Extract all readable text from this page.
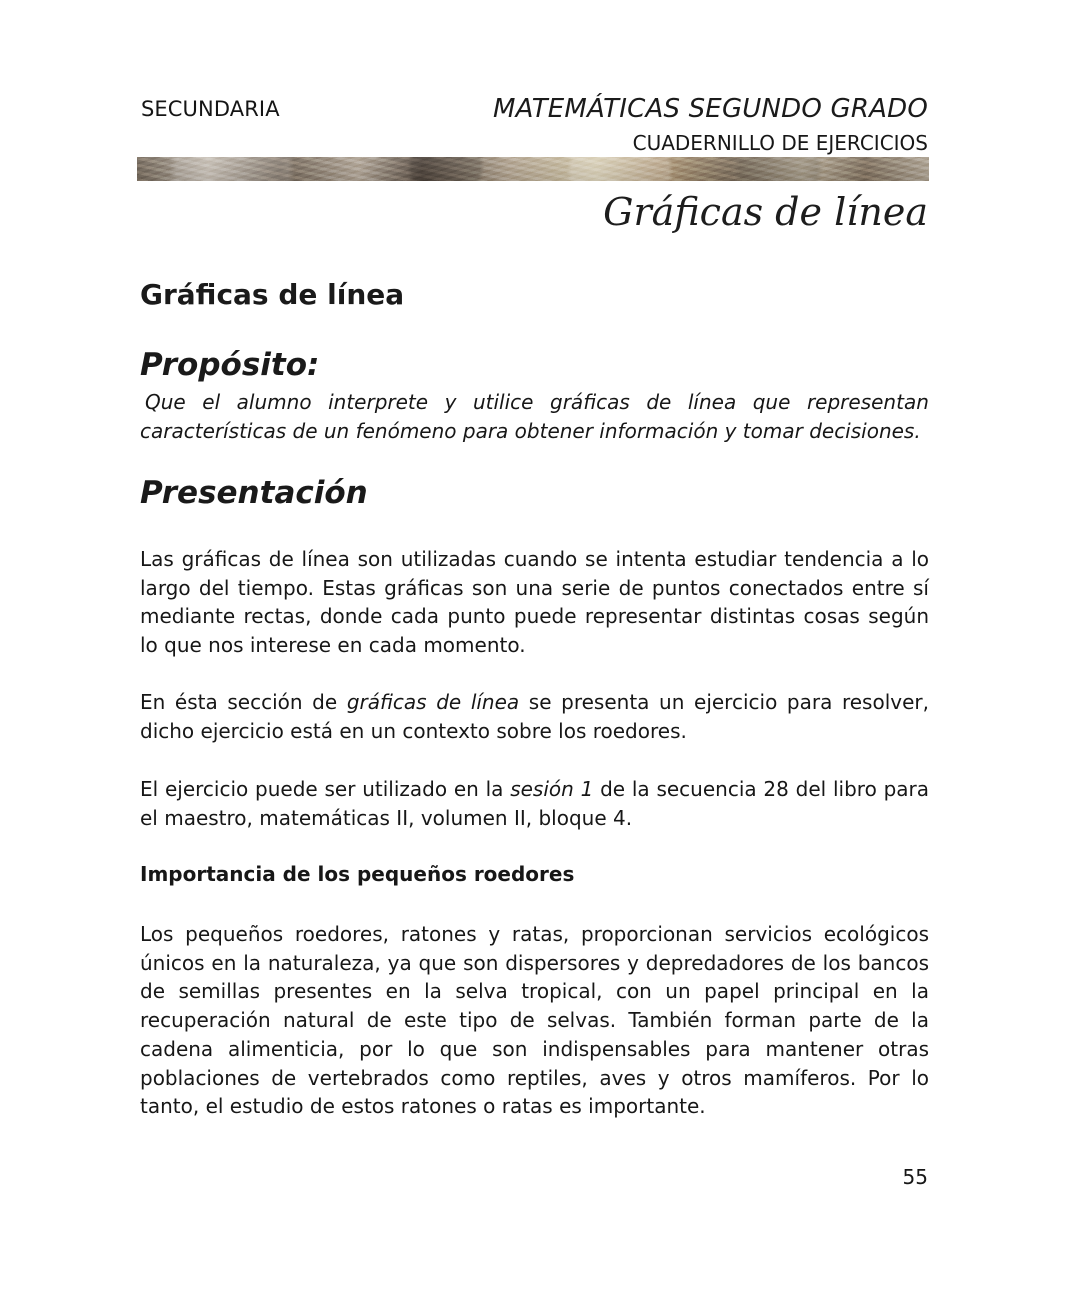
SECUNDARIA	MATEMÁTICAS SEGUNDO GRADO
CUADERNILLO DE EJERCICIOS
Gráficas de línea
Gráficas de línea
Propósito:
Que el alumno interprete y utilice gráficas de línea que representan
características de un fenómeno para obtener información y tomar decisiones.
Presentación

Las gráficas de línea son utilizadas cuando se intenta estudiar tendencia a lo largo del tiempo. Estas gráficas son una serie de puntos conectados entre sí mediante rectas, donde cada punto puede representar distintas cosas según lo que nos interese en cada momento.

En ésta sección de gráficas de línea se presenta un ejercicio para resolver, dicho ejercicio está en un contexto sobre los roedores.

El ejercicio puede ser utilizado en la sesión 1 de la secuencia 28 del libro para el maestro, matemáticas II, volumen II, bloque 4.

Importancia de los pequeños roedores

Los pequeños roedores, ratones y ratas, proporcionan servicios ecológicos únicos en la naturaleza, ya que son dispersores y depredadores de los bancos de semillas presentes en la selva tropical, con un papel principal en la recuperación natural de este tipo de selvas. También forman parte de la cadena alimenticia, por lo que son indispensables para mantener otras poblaciones de vertebrados como reptiles, aves y otros mamíferos. Por lo tanto, el estudio de estos ratones o ratas es importante.

55
